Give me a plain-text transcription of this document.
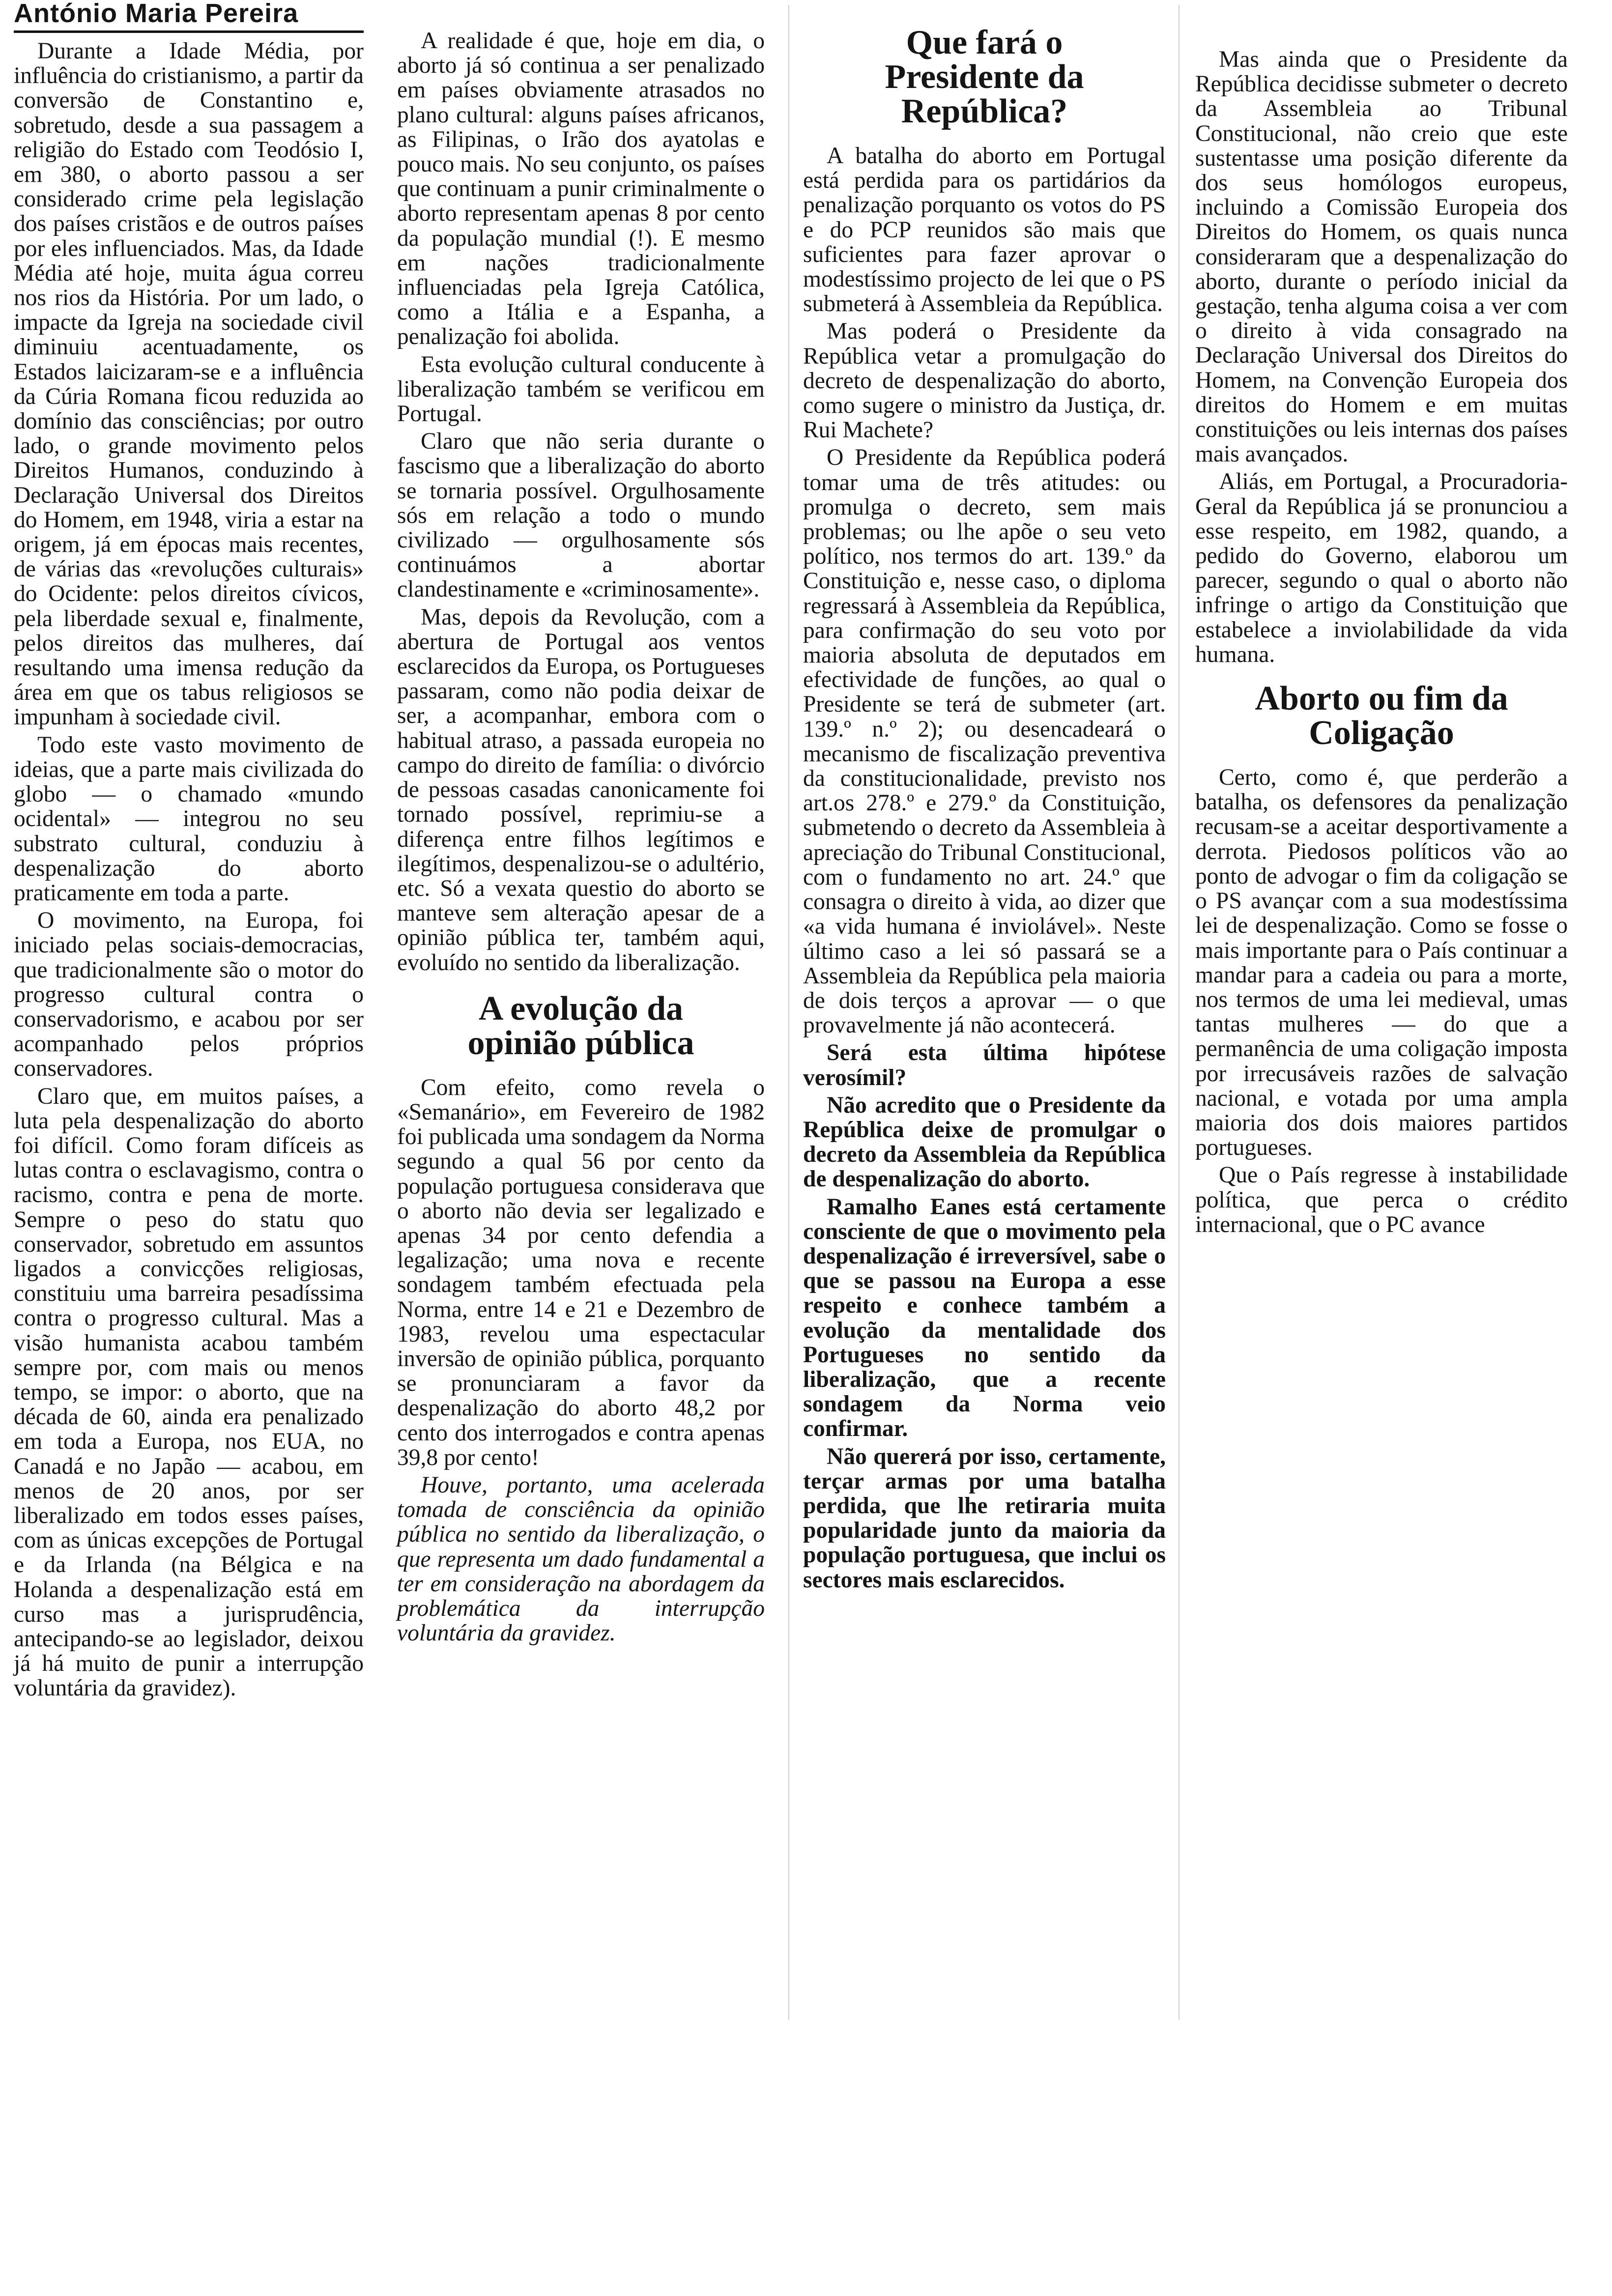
António Maria Pereira

Durante a Idade Média, por influência do cristianismo, a partir da conversão de Constantino e, sobretudo, desde a sua passagem a religião do Estado com Teodósio I, em 380, o aborto passou a ser considerado crime pela legislação dos países cristãos e de outros países por eles influenciados. Mas, da Idade Média até hoje, muita água correu nos rios da História. Por um lado, o impacte da Igreja na sociedade civil diminuiu acentuadamente, os Estados laicizaram-se e a influência da Cúria Romana ficou reduzida ao domínio das consciências; por outro lado, o grande movimento pelos Direitos Humanos, conduzindo à Declaração Universal dos Direitos do Homem, em 1948, viria a estar na origem, já em épocas mais recentes, de várias das «revoluções culturais» do Ocidente: pelos direitos cívicos, pela liberdade sexual e, finalmente, pelos direitos das mulheres, daí resultando uma imensa redução da área em que os tabus religiosos se impunham à sociedade civil.

Todo este vasto movimento de ideias, que a parte mais civilizada do globo — o chamado «mundo ocidental» — integrou no seu substrato cultural, conduziu à despenalização do aborto praticamente em toda a parte.

O movimento, na Europa, foi iniciado pelas sociais-democracias, que tradicionalmente são o motor do progresso cultural contra o conservadorismo, e acabou por ser acompanhado pelos próprios conservadores.

Claro que, em muitos países, a luta pela despenalização do aborto foi difícil. Como foram difíceis as lutas contra o esclavagismo, contra o racismo, contra e pena de morte. Sempre o peso do statu quo conservador, sobretudo em assuntos ligados a convicções religiosas, constituiu uma barreira pesadíssima contra o progresso cultural. Mas a visão humanista acabou também sempre por, com mais ou menos tempo, se impor: o aborto, que na década de 60, ainda era penalizado em toda a Europa, nos EUA, no Canadá e no Japão — acabou, em menos de 20 anos, por ser liberalizado em todos esses países, com as únicas excepções de Portugal e da Irlanda (na Bélgica e na Holanda a despenalização está em curso mas a jurisprudência, antecipando-se ao legislador, deixou já há muito de punir a interrupção voluntária da gravidez).

A realidade é que, hoje em dia, o aborto já só continua a ser penalizado em países obviamente atrasados no plano cultural: alguns países africanos, as Filipinas, o Irão dos ayatolas e pouco mais. No seu conjunto, os países que continuam a punir criminalmente o aborto representam apenas 8 por cento da população mundial (!). E mesmo em nações tradicionalmente influenciadas pela Igreja Católica, como a Itália e a Espanha, a penalização foi abolida.

Esta evolução cultural conducente à liberalização também se verificou em Portugal.

Claro que não seria durante o fascismo que a liberalização do aborto se tornaria possível. Orgulhosamente sós em relação a todo o mundo civilizado — orgulhosamente sós continuámos a abortar clandestinamente e «criminosamente».

Mas, depois da Revolução, com a abertura de Portugal aos ventos esclarecidos da Europa, os Portugueses passaram, como não podia deixar de ser, a acompanhar, embora com o habitual atraso, a passada europeia no campo do direito de família: o divórcio de pessoas casadas canonicamente foi tornado possível, reprimiu-se a diferença entre filhos legítimos e ilegítimos, despenalizou-se o adultério, etc. Só a vexata questio do aborto se manteve sem alteração apesar de a opinião pública ter, também aqui, evoluído no sentido da liberalização.

A evolução da opinião pública

Com efeito, como revela o «Semanário», em Fevereiro de 1982 foi publicada uma sondagem da Norma segundo a qual 56 por cento da população portuguesa considerava que o aborto não devia ser legalizado e apenas 34 por cento defendia a legalização; uma nova e recente sondagem também efectuada pela Norma, entre 14 e 21 e Dezembro de 1983, revelou uma espectacular inversão de opinião pública, porquanto se pronunciaram a favor da despenalização do aborto 48,2 por cento dos interrogados e contra apenas 39,8 por cento!

Houve, portanto, uma acelerada tomada de consciência da opinião pública no sentido da liberalização, o que representa um dado fundamental a ter em consideração na abordagem da problemática da interrupção voluntária da gravidez.

Que fará o Presidente da República?

A batalha do aborto em Portugal está perdida para os partidários da penalização porquanto os votos do PS e do PCP reunidos são mais que suficientes para fazer aprovar o modestíssimo projecto de lei que o PS submeterá à Assembleia da República.

Mas poderá o Presidente da República vetar a promulgação do decreto de despenalização do aborto, como sugere o ministro da Justiça, dr. Rui Machete?

O Presidente da República poderá tomar uma de três atitudes: ou promulga o decreto, sem mais problemas; ou lhe apõe o seu veto político, nos termos do art. 139.º da Constituição e, nesse caso, o diploma regressará à Assembleia da República, para confirmação do seu voto por maioria absoluta de deputados em efectividade de funções, ao qual o Presidente se terá de submeter (art. 139.º n.º 2); ou desencadeará o mecanismo de fiscalização preventiva da constitucionalidade, previsto nos art.os 278.º e 279.º da Constituição, submetendo o decreto da Assembleia à apreciação do Tribunal Constitucional, com o fundamento no art. 24.º que consagra o direito à vida, ao dizer que «a vida humana é inviolável». Neste último caso a lei só passará se a Assembleia da República pela maioria de dois terços a aprovar — o que provavelmente já não acontecerá.

Será esta última hipótese verosímil?

Não acredito que o Presidente da República deixe de promulgar o decreto da Assembleia da República de despenalização do aborto.

Ramalho Eanes está certamente consciente de que o movimento pela despenalização é irreversível, sabe o que se passou na Europa a esse respeito e conhece também a evolução da mentalidade dos Portugueses no sentido da liberalização, que a recente sondagem da Norma veio confirmar.

Não quererá por isso, certamente, terçar armas por uma batalha perdida, que lhe retiraria muita popularidade junto da maioria da população portuguesa, que inclui os sectores mais esclarecidos.

Mas ainda que o Presidente da República decidisse submeter o decreto da Assembleia ao Tribunal Constitucional, não creio que este sustentasse uma posição diferente da dos seus homólogos europeus, incluindo a Comissão Europeia dos Direitos do Homem, os quais nunca consideraram que a despenalização do aborto, durante o período inicial da gestação, tenha alguma coisa a ver com o direito à vida consagrado na Declaração Universal dos Direitos do Homem, na Convenção Europeia dos direitos do Homem e em muitas constituições ou leis internas dos países mais avançados.

Aliás, em Portugal, a Procuradoria-Geral da República já se pronunciou a esse respeito, em 1982, quando, a pedido do Governo, elaborou um parecer, segundo o qual o aborto não infringe o artigo da Constituição que estabelece a inviolabilidade da vida humana.

Aborto ou fim da Coligação

Certo, como é, que perderão a batalha, os defensores da penalização recusam-se a aceitar desportivamente a derrota. Piedosos políticos vão ao ponto de advogar o fim da coligação se o PS avançar com a sua modestíssima lei de despenalização. Como se fosse o mais importante para o País continuar a mandar para a cadeia ou para a morte, nos termos de uma lei medieval, umas tantas mulheres — do que a permanência de uma coligação imposta por irrecusáveis razões de salvação nacional, e votada por uma ampla maioria dos dois maiores partidos portugueses.

Que o País regresse à instabilidade política, que perca o crédito internacional, que o PC avance
